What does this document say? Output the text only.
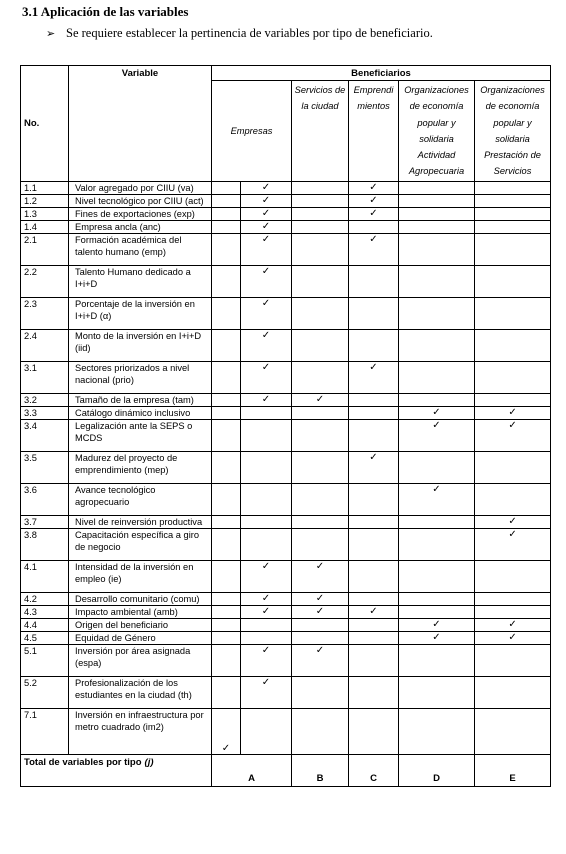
3.1 Aplicación de las variables
➢ Se requiere establecer la pertinencia de variables por tipo de beneficiario.
No.	Variable	Beneficiarios					
		Empresas		Servicios de la ciudad	Emprendi mientos	Organizaciones de economía popular y solidaria Actividad Agropecuaria	Organizaciones de economía popular y solidaria Prestación de Servicios
1.1	Valor agregado por CIIU (va)		✓		✓		
1.2	Nivel tecnológico por CIIU (act)		✓		✓		
1.3	Fines de exportaciones (exp)		✓		✓		
1.4	Empresa ancla (anc)		✓				
2.1	Formación académica del talento humano (emp)		✓		✓		
2.2	Talento Humano dedicado a I+i+D		✓				
2.3	Porcentaje de la inversión en I+i+D (α)		✓				
2.4	Monto de la inversión en I+i+D (iid)		✓				
3.1	Sectores priorizados a nivel nacional (prio)		✓		✓		
3.2	Tamaño de la empresa (tam)		✓	✓			
3.3	Catálogo dinámico inclusivo					✓	✓
3.4	Legalización ante la SEPS o MCDS					✓	✓
3.5	Madurez del proyecto de emprendimiento (mep)				✓		
3.6	Avance tecnológico agropecuario					✓	
3.7	Nivel de reinversión productiva						✓
3.8	Capacitación específica a giro de negocio						✓
4.1	Intensidad de la inversión en empleo (ie)		✓	✓			
4.2	Desarrollo comunitario (comu)		✓	✓			
4.3	Impacto ambiental (amb)		✓	✓	✓		
4.4	Origen del beneficiario					✓	✓
4.5	Equidad de Género					✓	✓
5.1	Inversión por área asignada (espa)		✓	✓			
5.2	Profesionalización de los estudiantes en la ciudad (th)		✓				
7.1	Inversión en infraestructura por metro cuadrado (im2)	✓					
Total de variables por tipo (j)		A		B	C	D	E
